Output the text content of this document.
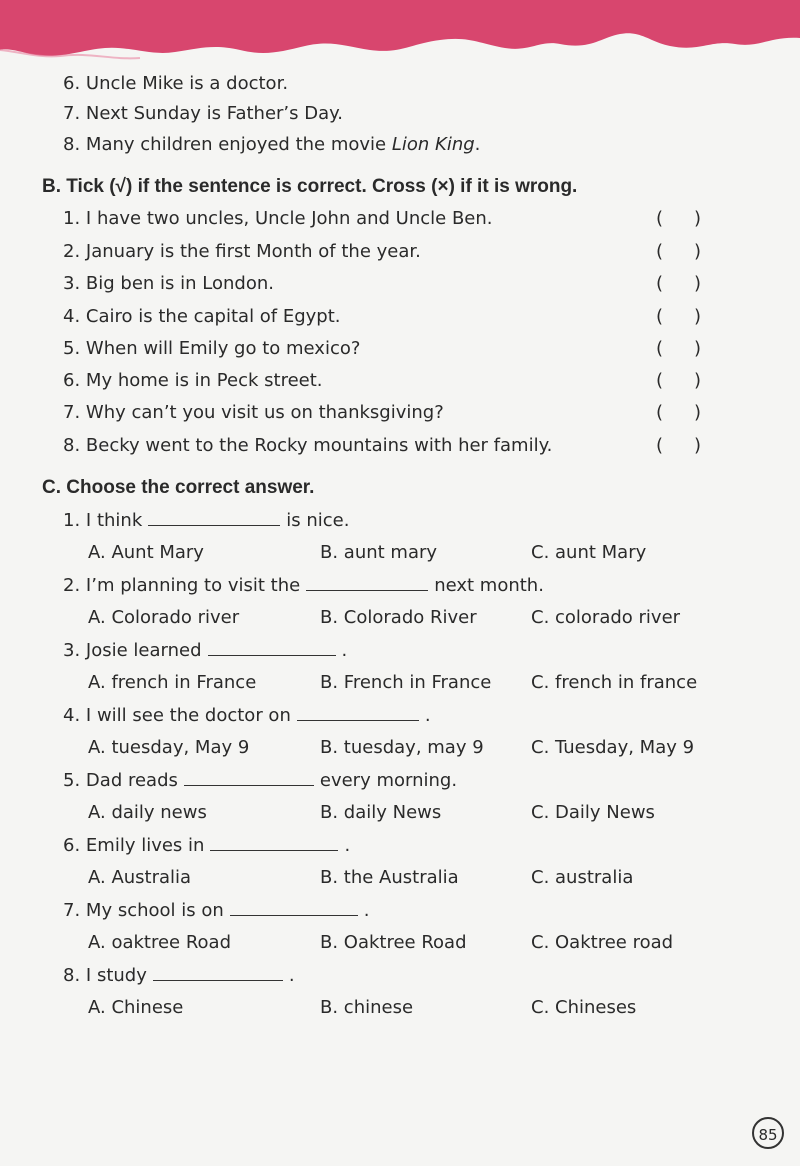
6. Uncle Mike is a doctor.
7. Next Sunday is Father’s Day.
8. Many children enjoyed the movie Lion King.
B. Tick (√) if the sentence is correct. Cross (×) if it is wrong.
1. I have two uncles, Uncle John and Uncle Ben.	( )
2. January is the first Month of the year.	( )
3. Big ben is in London.	( )
4. Cairo is the capital of Egypt.	( )
5. When will Emily go to mexico?	( )
6. My home is in Peck street.	( )
7. Why can’t you visit us on thanksgiving?	( )
8. Becky went to the Rocky mountains with her family.	( )
C. Choose the correct answer.
1. I think	is nice.
A. Aunt Mary	B. aunt mary	C. aunt Mary
2. I’m planning to visit the	next month.
A. Colorado river	B. Colorado River	C. colorado river
3. Josie learned	.
A. french in France	B. French in France C. french in france
4. I will see the doctor on	.
A. tuesday, May 9	B. tuesday, may 9	C. Tuesday, May 9
5. Dad reads	every morning.
A. daily news	B. daily News	C. Daily News
6. Emily lives in	.
A. Australia	B. the Australia	C. australia
7. My school is on	.
A. oaktree Road	B. Oaktree Road	C. Oaktree road
8. I study	.
A. Chinese	B. chinese	C. Chineses
85
